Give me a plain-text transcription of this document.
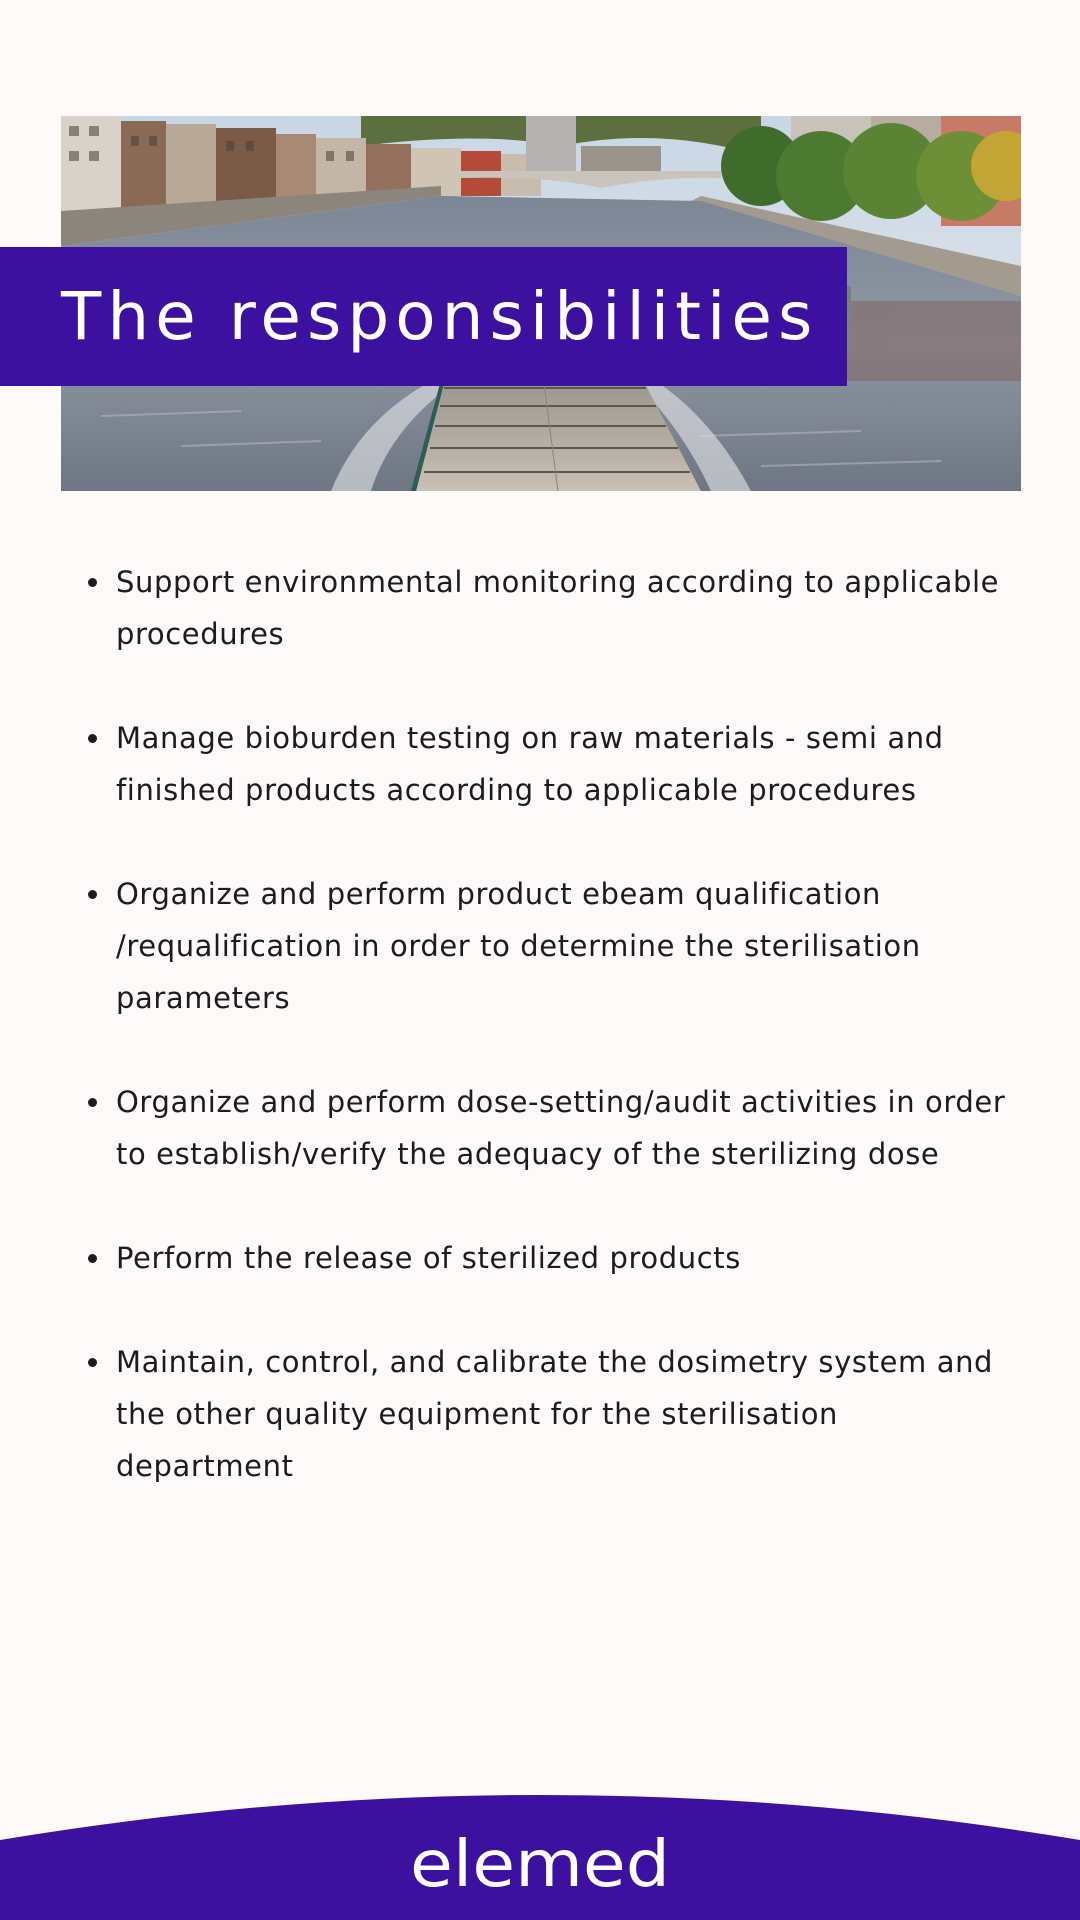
The responsibilities
Support environmental monitoring according to applicable procedures
Manage bioburden testing on raw materials - semi and finished products according to applicable procedures
Organize and perform product ebeam qualification /requalification in order to determine the sterilisation parameters
Organize and perform dose-setting/audit activities in order to establish/verify the adequacy of the sterilizing dose
Perform the release of sterilized products
Maintain, control, and calibrate the dosimetry system and the other quality equipment for the sterilisation department
elemed
